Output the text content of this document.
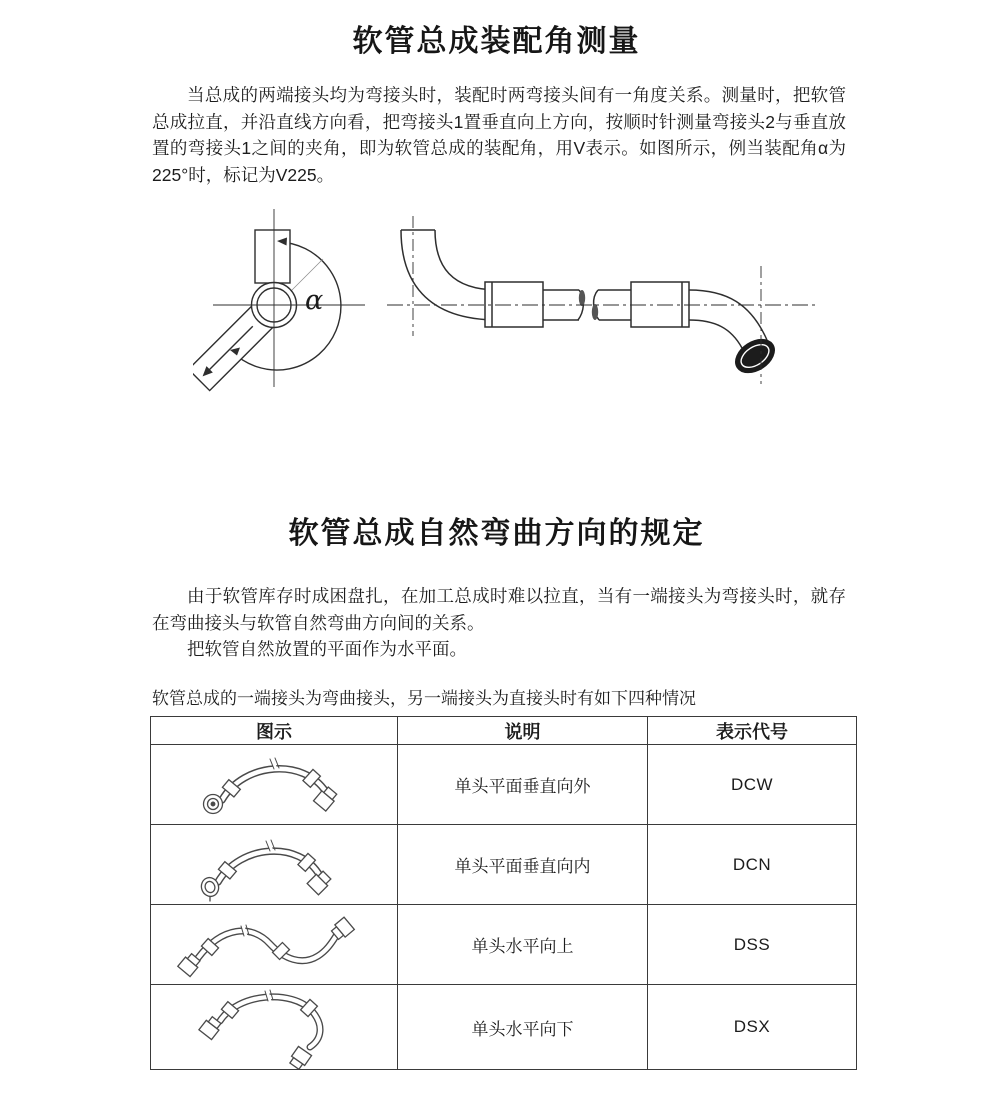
软管总成装配角测量

当总成的两端接头均为弯接头时，装配时两弯接头间有一角度关系。测量时，把软管总成拉直，并沿直线方向看，把弯接头1置垂直向上方向，按顺时针测量弯接头2与垂直放置的弯接头1之间的夹角，即为软管总成的装配角，用V表示。如图所示，例当装配角α为225°时，标记为V225。

α
软管总成自然弯曲方向的规定

由于软管库存时成困盘扎，在加工总成时难以拉直，当有一端接头为弯接头时，就存在弯曲接头与软管自然弯曲方向间的关系。

把软管自然放置的平面作为水平面。

软管总成的一端接头为弯曲接头，另一端接头为直接头时有如下四种情况
图示	说明	表示代号

	单头平面垂直向外	DCW

	单头平面垂直向内	DCN

	单头水平向上	DSS

	单头水平向下	DSX
